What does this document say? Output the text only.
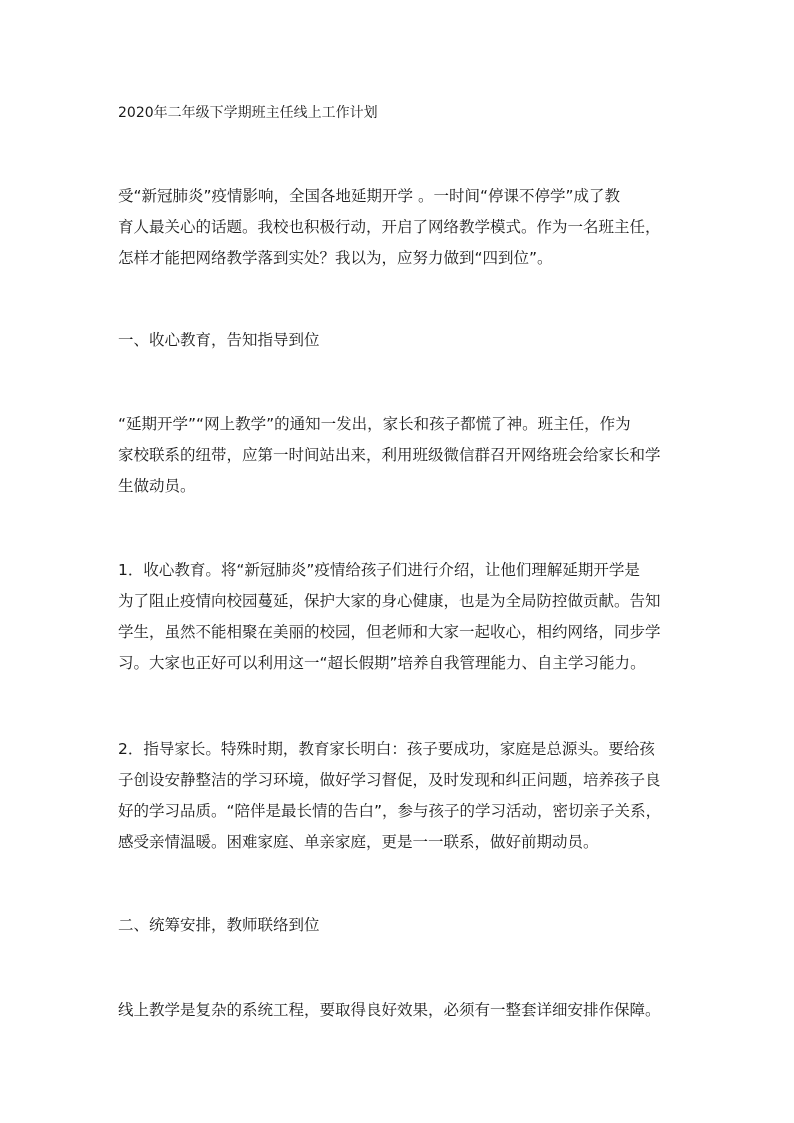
2020年二年级下学期班主任线上工作计划
受“新冠肺炎”疫情影响，全国各地延期开学 。一时间“停课不停学”成了教
育人最关心的话题。我校也积极行动，开启了网络教学模式。作为一名班主任，
怎样才能把网络教学落到实处？我以为，应努力做到“四到位”。
一、收心教育，告知指导到位
“延期开学”“网上教学”的通知一发出，家长和孩子都慌了神。班主任，作为
家校联系的纽带，应第一时间站出来，利用班级微信群召开网络班会给家长和学
生做动员。
1．收心教育。将“新冠肺炎”疫情给孩子们进行介绍，让他们理解延期开学是
为了阻止疫情向校园蔓延，保护大家的身心健康，也是为全局防控做贡献。告知
学生，虽然不能相聚在美丽的校园，但老师和大家一起收心，相约网络，同步学
习。大家也正好可以利用这一“超长假期”培养自我管理能力、自主学习能力。
2．指导家长。特殊时期，教育家长明白：孩子要成功，家庭是总源头。要给孩
子创设安静整洁的学习环境，做好学习督促，及时发现和纠正问题，培养孩子良
好的学习品质。“陪伴是最长情的告白”，参与孩子的学习活动，密切亲子关系，
感受亲情温暖。困难家庭、单亲家庭，更是一一联系，做好前期动员。
二、统筹安排，教师联络到位
线上教学是复杂的系统工程，要取得良好效果，必须有一整套详细安排作保障。
